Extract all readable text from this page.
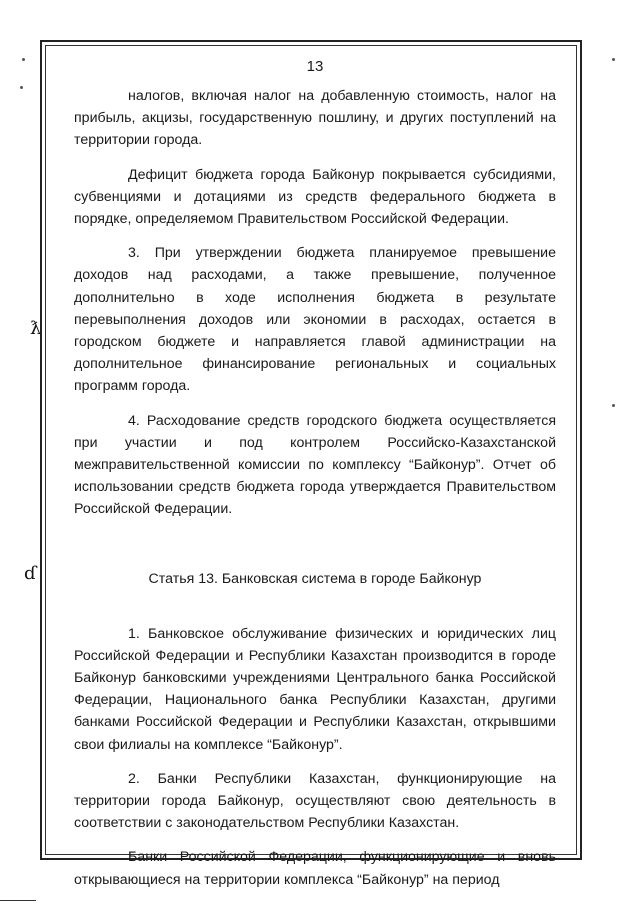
ƛ
ɗ
13

налогов, включая налог на добавленную стоимость, налог на прибыль, акцизы, государственную пошлину, и других поступлений на территории города.

Дефицит бюджета города Байконур покрывается субсидиями, субвенциями и дотациями из средств федерального бюджета в порядке, определяемом Правительством Российской Федерации.

3. При утверждении бюджета планируемое превышение доходов над расходами, а также превышение, полученное дополнительно в ходе исполнения бюджета в результате перевыполнения доходов или экономии в расходах, остается в городском бюджете и направляется главой администрации на дополнительное финансирование региональных и социальных программ города.

4. Расходование средств городского бюджета осуществляется при участии и под контролем Российско-Казахстанской межправительственной комиссии по комплексу “Байконур”. Отчет об использовании средств бюджета города утверждается Правительством Российской Федерации.

Статья 13. Банковская система в городе Байконур

1. Банковское обслуживание физических и юридических лиц Российской Федерации и Республики Казахстан производится в городе Байконур банковскими учреждениями Центрального банка Российской Федерации, Национального банка Республики Казахстан, другими банками Российской Федерации и Республики Казахстан, открывшими свои филиалы на комплексе “Байконур”.

2. Банки Республики Казахстан, функционирующие на территории города Байконур, осуществляют свою деятельность в соответствии с законодательством Республики Казахстан.

Банки Российской Федерации, функционирующие и вновь открывающиеся на территории комплекса “Байконур” на период
